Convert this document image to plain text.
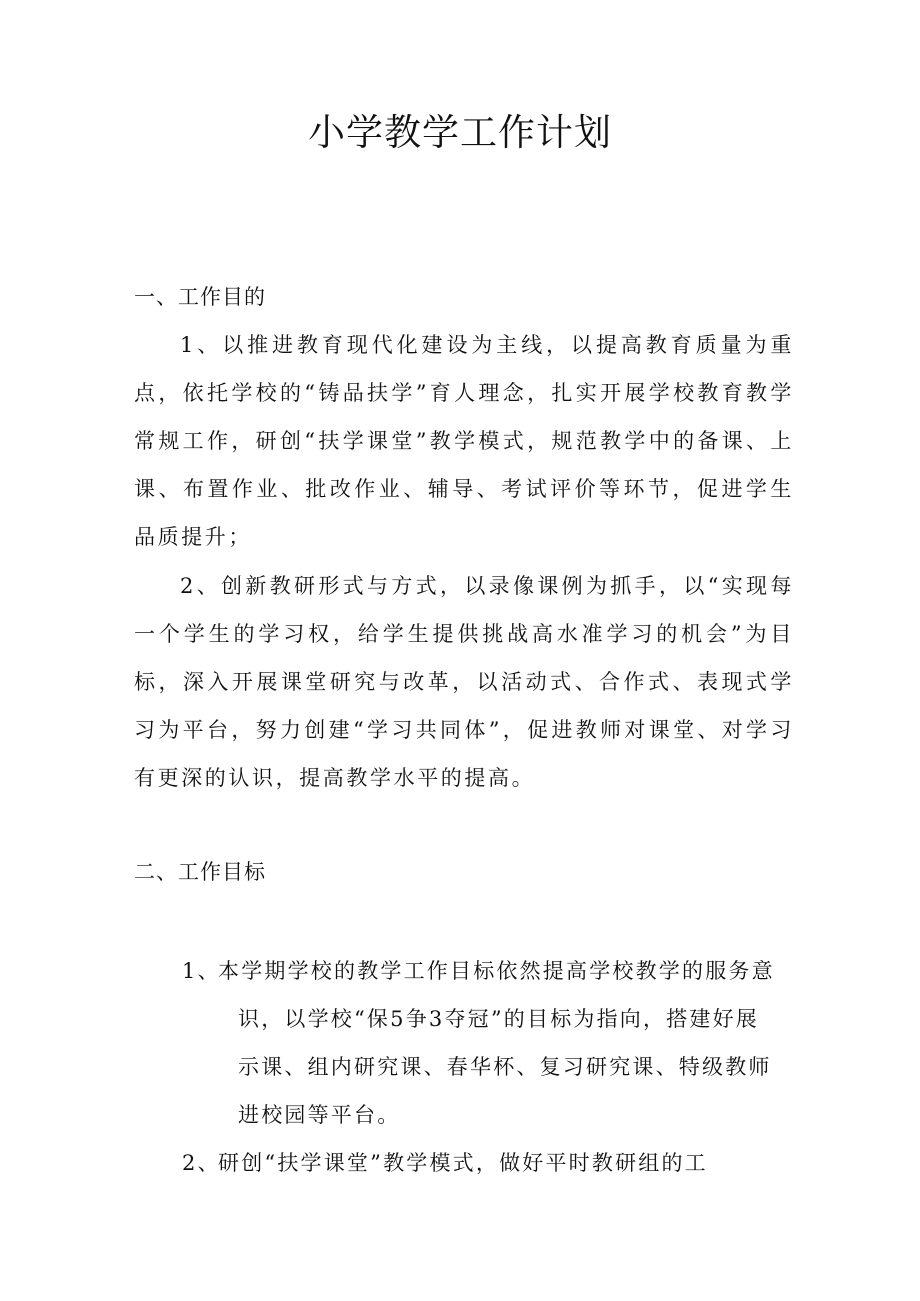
小学教学工作计划
一、工作目的

1、以推进教育现代化建设为主线，以提高教育质量为重点，依托学校的“铸品扶学”育人理念，扎实开展学校教育教学常规工作，研创“扶学课堂”教学模式，规范教学中的备课、上课、布置作业、批改作业、辅导、考试评价等环节，促进学生品质提升；

2、创新教研形式与方式，以录像课例为抓手，以“实现每一个学生的学习权，给学生提供挑战高水准学习的机会”为目标，深入开展课堂研究与改革，以活动式、合作式、表现式学习为平台，努力创建“学习共同体”，促进教师对课堂、对学习有更深的认识，提高教学水平的提高。

二、工作目标
1、
本学期学校的教学工作目标依然提高学校教学的服务意识，以学校“保5争3夺冠”的目标为指向，搭建好展示课、组内研究课、春华杯、复习研究课、特级教师进校园等平台。
2、
研创“扶学课堂”教学模式，做好平时教研组的工
